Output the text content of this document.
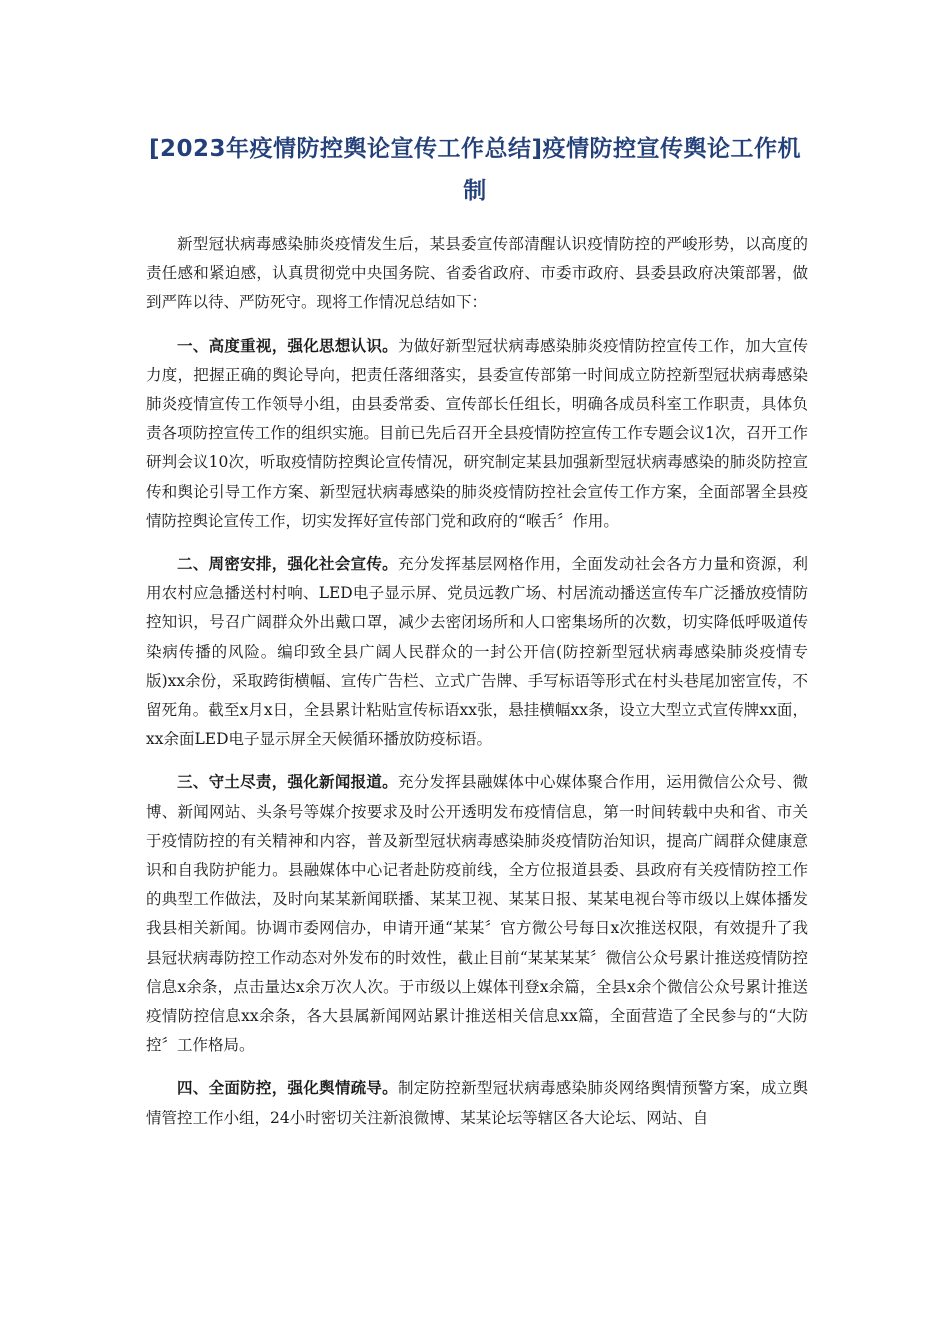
[2023年疫情防控舆论宣传工作总结]疫情防控宣传舆论工作机制

新型冠状病毒感染肺炎疫情发生后，某县委宣传部清醒认识疫情防控的严峻形势，以高度的责任感和紧迫感，认真贯彻党中央国务院、省委省政府、市委市政府、县委县政府决策部署，做到严阵以待、严防死守。现将工作情况总结如下：

一、高度重视，强化思想认识。为做好新型冠状病毒感染肺炎疫情防控宣传工作，加大宣传力度，把握正确的舆论导向，把责任落细落实，县委宣传部第一时间成立防控新型冠状病毒感染肺炎疫情宣传工作领导小组，由县委常委、宣传部长任组长，明确各成员科室工作职责，具体负责各项防控宣传工作的组织实施。目前已先后召开全县疫情防控宣传工作专题会议1次，召开工作研判会议10次，听取疫情防控舆论宣传情况，研究制定某县加强新型冠状病毒感染的肺炎防控宣传和舆论引导工作方案、新型冠状病毒感染的肺炎疫情防控社会宣传工作方案，全面部署全县疫情防控舆论宣传工作，切实发挥好宣传部门党和政府的“喉舌〞作用。

二、周密安排，强化社会宣传。充分发挥基层网格作用，全面发动社会各方力量和资源，利用农村应急播送村村响、LED电子显示屏、党员远教广场、村居流动播送宣传车广泛播放疫情防控知识，号召广阔群众外出戴口罩，减少去密闭场所和人口密集场所的次数，切实降低呼吸道传染病传播的风险。编印致全县广阔人民群众的一封公开信(防控新型冠状病毒感染肺炎疫情专版)xx余份，采取跨街横幅、宣传广告栏、立式广告牌、手写标语等形式在村头巷尾加密宣传，不留死角。截至x月x日，全县累计粘贴宣传标语xx张，悬挂横幅xx条，设立大型立式宣传牌xx面，xx余面LED电子显示屏全天候循环播放防疫标语。

三、守土尽责，强化新闻报道。充分发挥县融媒体中心媒体聚合作用，运用微信公众号、微博、新闻网站、头条号等媒介按要求及时公开透明发布疫情信息，第一时间转载中央和省、市关于疫情防控的有关精神和内容，普及新型冠状病毒感染肺炎疫情防治知识，提高广阔群众健康意识和自我防护能力。县融媒体中心记者赴防疫前线，全方位报道县委、县政府有关疫情防控工作的典型工作做法，及时向某某新闻联播、某某卫视、某某日报、某某电视台等市级以上媒体播发我县相关新闻。协调市委网信办，申请开通“某某〞官方微公号每日x次推送权限，有效提升了我县冠状病毒防控工作动态对外发布的时效性，截止目前“某某某某〞微信公众号累计推送疫情防控信息x余条，点击量达x余万次人次。于市级以上媒体刊登x余篇，全县x余个微信公众号累计推送疫情防控信息xx余条，各大县属新闻网站累计推送相关信息xx篇，全面营造了全民参与的“大防控〞工作格局。

四、全面防控，强化舆情疏导。制定防控新型冠状病毒感染肺炎网络舆情预警方案，成立舆情管控工作小组，24小时密切关注新浪微博、某某论坛等辖区各大论坛、网站、自
